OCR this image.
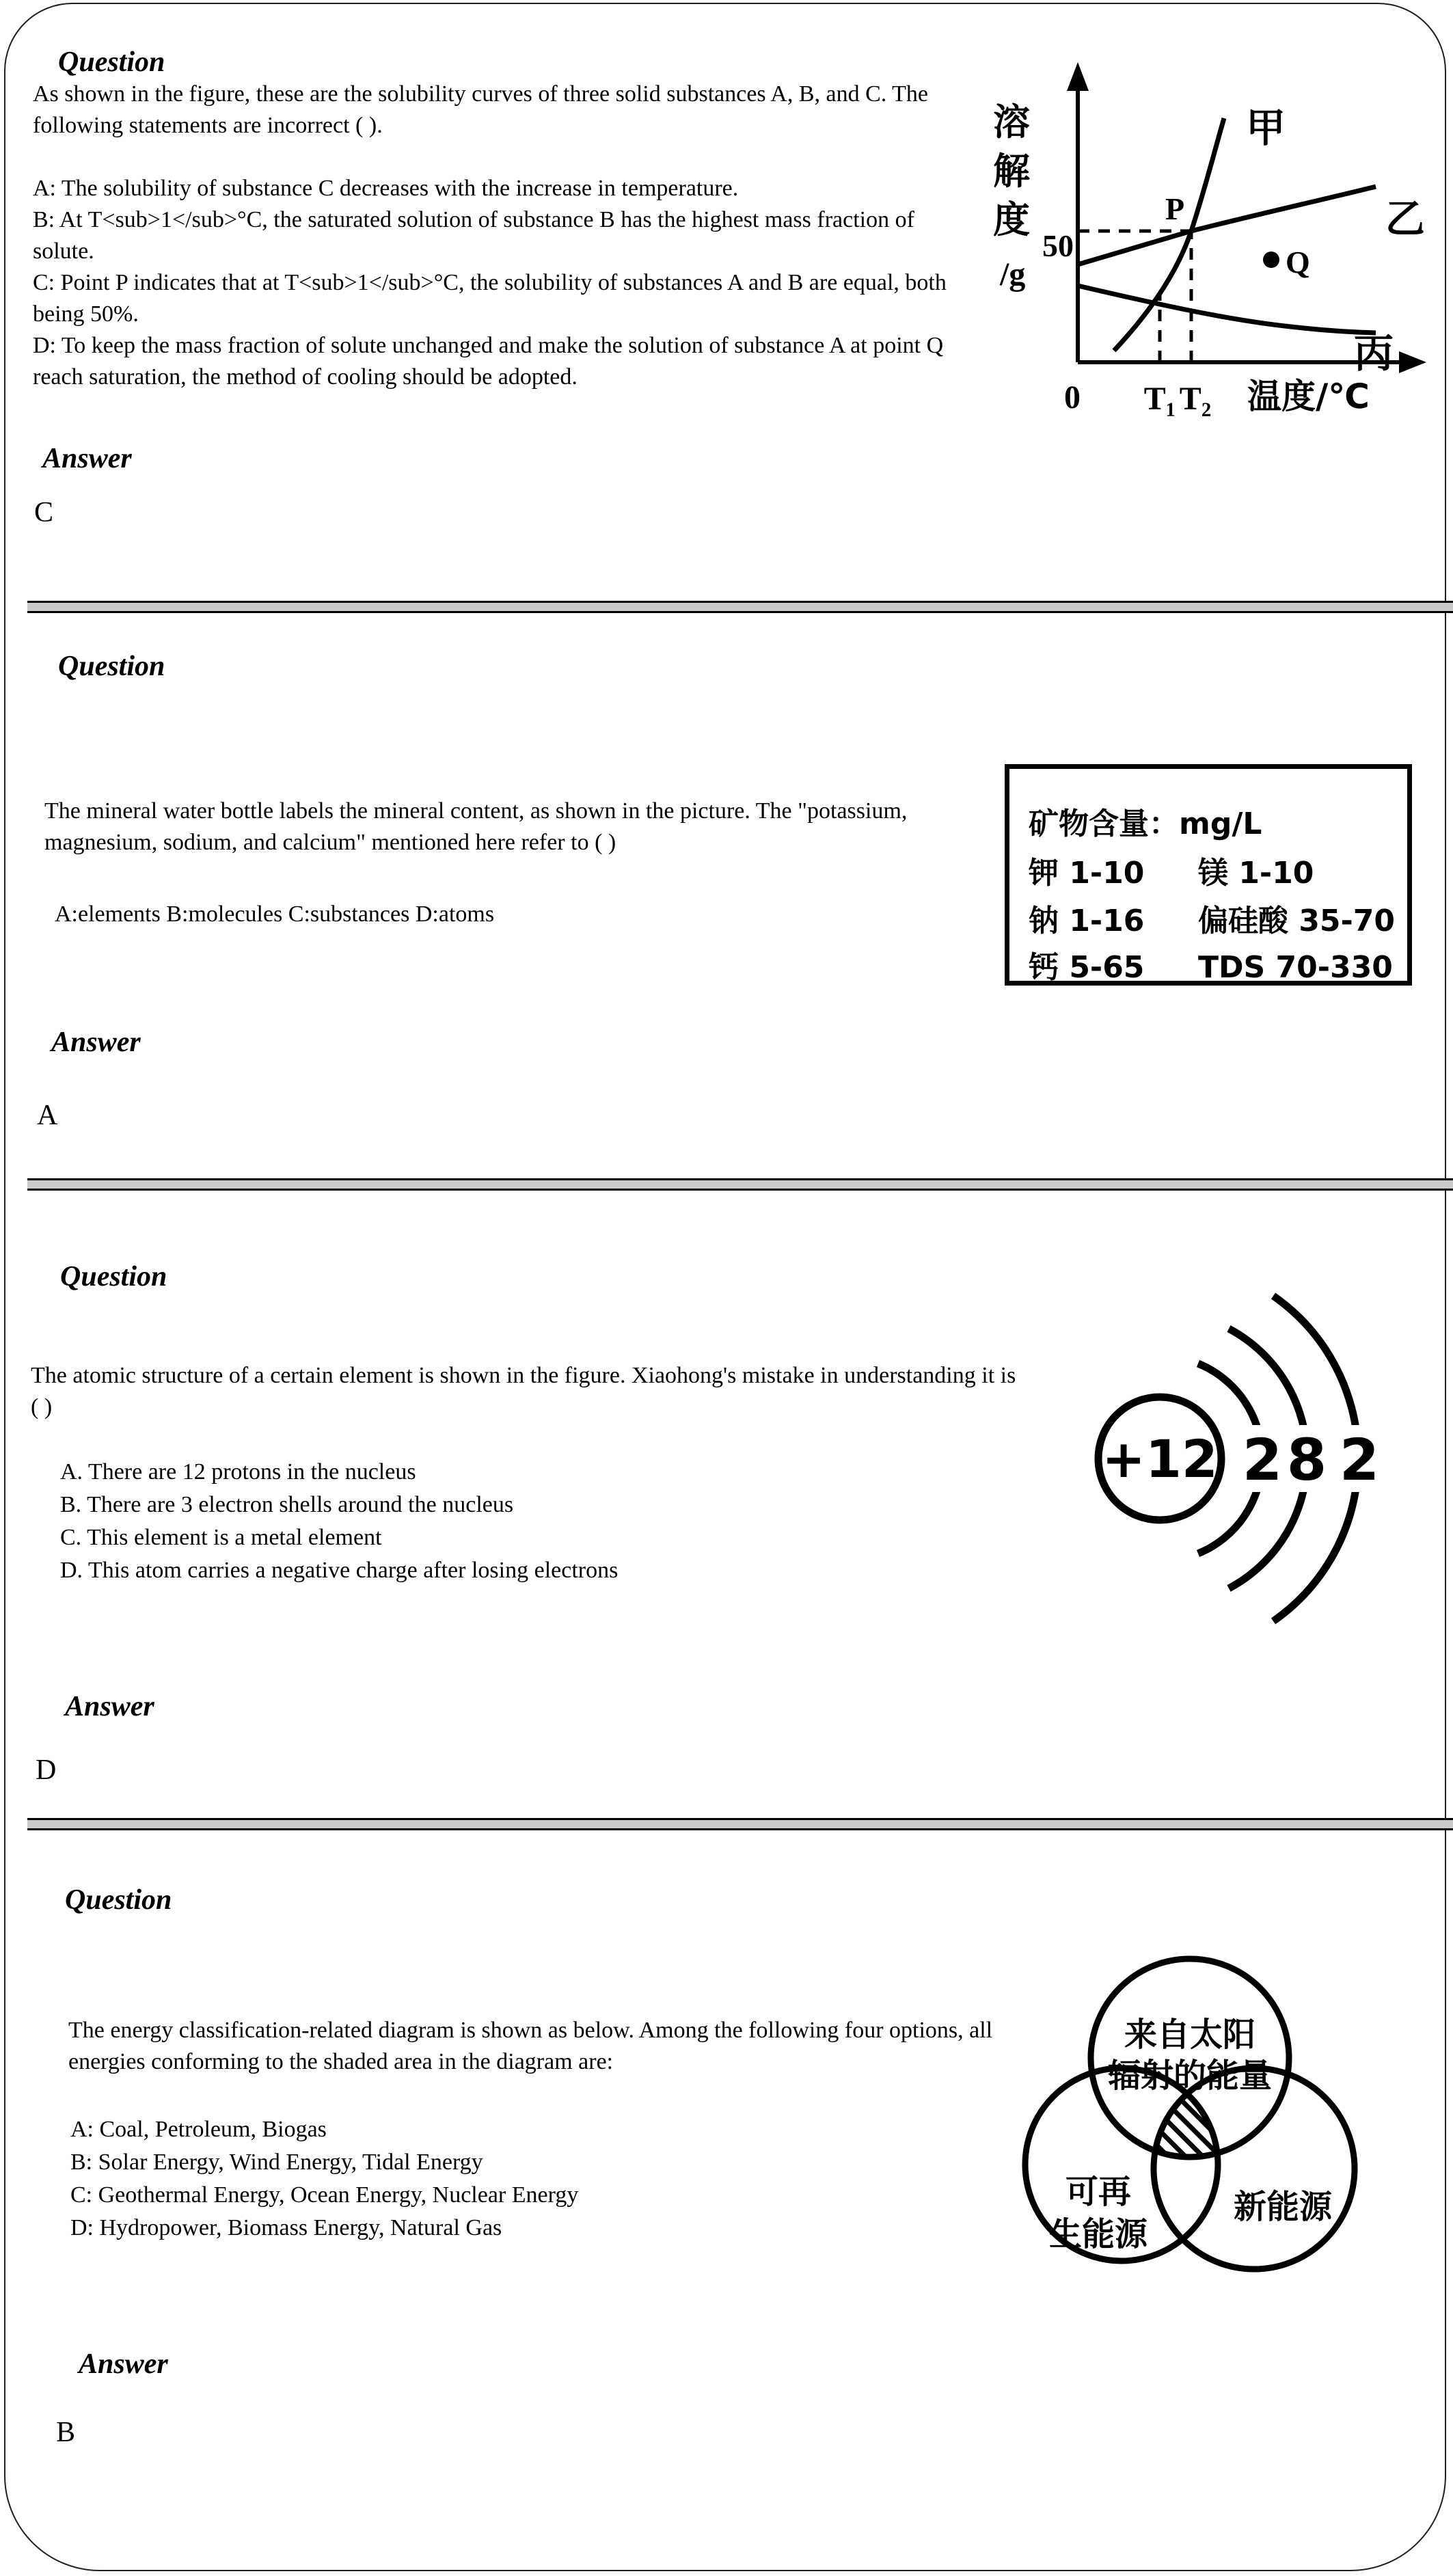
Question
As shown in the figure, these are the solubility curves of three solid substances A, B, and C. The following statements are incorrect ( ).
A: The solubility of substance C decreases with the increase in temperature.
B: At T<sub>1</sub>°C, the saturated solution of substance B has the highest mass fraction of solute.
C: Point P indicates that at T<sub>1</sub>°C, the solubility of substances A and B are equal, both being 50%.
D: To keep the mass fraction of solute unchanged and make the solution of substance A at point Q reach saturation, the method of cooling should be adopted.
溶
解
度
50
/g
甲
乙
丙
P
Q
0 T₁ T₂ 温度/℃
Answer
C
Question
The mineral water bottle labels the mineral content, as shown in the picture. The "potassium, magnesium, sodium, and calcium" mentioned here refer to ( )
A:elements B:molecules C:substances D:atoms
矿物含量：mg/L
钾 1-10 镁 1-10
钠 1-16 偏硅酸 35-70
钙 5-65 TDS 70-330
Answer
A
Question
The atomic structure of a certain element is shown in the figure. Xiaohong's mistake in understanding it is ( )
A. There are 12 protons in the nucleus
B. There are 3 electron shells around the nucleus
C. This element is a metal element
D. This atom carries a negative charge after losing electrons
+12 2 8 2
Answer
D
Question
The energy classification-related diagram is shown as below. Among the following four options, all energies conforming to the shaded area in the diagram are:
A: Coal, Petroleum, Biogas
B: Solar Energy, Wind Energy, Tidal Energy
C: Geothermal Energy, Ocean Energy, Nuclear Energy
D: Hydropower, Biomass Energy, Natural Gas
来自太阳
辐射的能量
可再
生能源
新能源
Answer
B
